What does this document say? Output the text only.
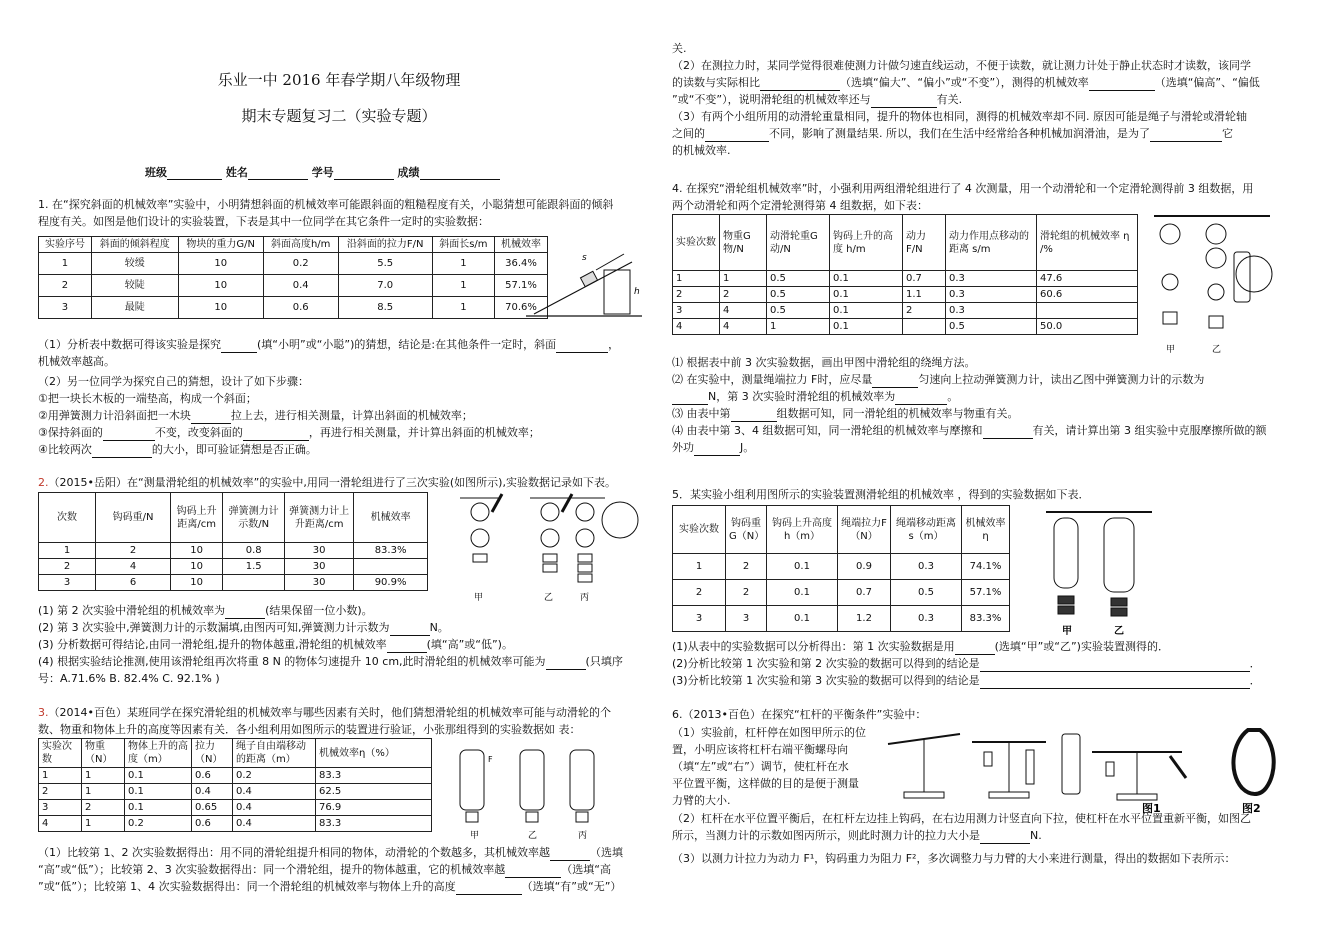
乐业一中 2016 年春学期八年级物理

期末专题复习二（实验专题）

班级	姓名	学号	成绩

1. 在“探究斜面的机械效率”实验中，小明猜想斜面的机械效率可能跟斜面的粗糙程度有关，小聪猜想可能跟斜面的倾斜

程度有关。如图是他们设计的实验装置，下表是其中一位同学在其它条件一定时的实验数据：

实验序号	斜面的倾斜程度	物块的重力G/N	斜面高度h/m	沿斜面的拉力F/N	斜面长s/m	机械效率
1	较缓	10	0.2	5.5	1	36.4%
2	较陡	10	0.4	7.0	1	57.1%
3	最陡	10	0.6	8.5	1	70.6%
s
h

（1）分析表中数据可得该实验是探究	(填“小明”或“小聪”)的猜想，结论是:在其他条件一定时，斜面	，

机械效率越高。

（2）另一位同学为探究自己的猜想，设计了如下步骤：

①把一块长木板的一端垫高，构成一个斜面；

②用弹簧测力计沿斜面把一木块	拉上去，进行相关测量，计算出斜面的机械效率；

③保持斜面的	不变，改变斜面的	，再进行相关测量，并计算出斜面的机械效率；

④比较两次	的大小，即可验证猜想是否正确。

2.（2015•岳阳）在“测量滑轮组的机械效率”的实验中,用同一滑轮组进行了三次实验(如图所示),实验数据记录如下表。

次数	钩码重/N	钩码上升距离/cm	弹簧测力计示数/N	弹簧测力计上升距离/cm	机械效率
1	2	10	0.8	30	83.3%
2	4	10	1.5	30	
3	6	10		30	90.9%
甲	乙	丙

(1) 第 2 次实验中滑轮组的机械效率为	(结果保留一位小数)。

(2) 第 3 次实验中,弹簧测力计的示数漏填,由图丙可知,弹簧测力计示数为	N。

(3) 分析数据可得结论,由同一滑轮组,提升的物体越重,滑轮组的机械效率	(填“高”或“低”)。

(4) 根据实验结论推测,使用该滑轮组再次将重 8 N 的物体匀速提升 10 cm,此时滑轮组的机械效率可能为	(只填序

号：A.71.6% B. 82.4% C. 92.1% )

3.（2014•百色）某班同学在探究滑轮组的机械效率与哪些因素有关时，他们猜想滑轮组的机械效率可能与动滑轮的个

数、物重和物体上升的高度等因素有关．各小组利用如图所示的装置进行验证，小张那组得到的实验数据如 表：

实验次数	物重（N）	物体上升的高度（m）	拉力（N）	绳子自由端移动的距离（m）	机械效率η（%）
1	1	0.1	0.6	0.2	83.3
2	1	0.1	0.4	0.4	62.5
3	2	0.1	0.65	0.4	76.9
4	1	0.2	0.6	0.4	83.3
F
甲	乙	丙

（1）比较第 1、2 次实验数据得出：用不同的滑轮组提升相同的物体，动滑轮的个数越多，其机械效率越	（选填

“高”或“低”）；比较第 2、3 次实验数据得出：同一个滑轮组，提升的物体越重，它的机械效率越	（选填“高

”或“低”）；比较第 1、4 次实验数据得出：同一个滑轮组的机械效率与物体上升的高度	（选填“有”或“无”）

关.

（2）在测拉力时，某同学觉得很难使测力计做匀速直线运动，不便于读数，就让测力计处于静止状态时才读数，该同学

的读数与实际相比	（选填“偏大”、“偏小”或“不变”），测得的机械效率	（选填“偏高”、“偏低

”或“不变”），说明滑轮组的机械效率还与	有关.

（3）有两个小组所用的动滑轮重量相同，提升的物体也相同，测得的机械效率却不同. 原因可能是绳子与滑轮或滑轮轴

之间的	不同，影响了测量结果. 所以，我们在生活中经常给各种机械加润滑油，是为了	它

的机械效率.

4. 在探究“滑轮组机械效率”时，小强利用两组滑轮组进行了 4 次测量，用一个动滑轮和一个定滑轮测得前 3 组数据，用

两个动滑轮和两个定滑轮测得第 4 组数据，如下表：

实验次数	物重G物/N	动滑轮重G动/N	钩码上升的高度 h/m	动力F/N	动力作用点移动的距离 s/m	滑轮组的机械效率 η /%
1	1	0.5	0.1	0.7	0.3	47.6
2	2	0.5	0.1	1.1	0.3	60.6
3	4	0.5	0.1	2	0.3	
4	4	1	0.1		0.5	50.0
甲	乙

⑴ 根据表中前 3 次实验数据，画出甲图中滑轮组的绕绳方法。

⑵ 在实验中，测量绳端拉力 F时，应尽量	匀速向上拉动弹簧测力计，读出乙图中弹簧测力计的示数为

N，第 3 次实验时滑轮组的机械效率为	。

⑶ 由表中第	组数据可知，同一滑轮组的机械效率与物重有关。

⑷ 由表中第 3、4 组数据可知，同一滑轮组的机械效率与摩擦和	有关，请计算出第 3 组实验中克服摩擦所做的额

外功	J。

5．某实验小组利用图所示的实验装置测滑轮组的机械效率 ，得到的实验数据如下表．

实验次数	钩码重G（N）	钩码上升高度h（m）	绳端拉力F（N）	绳端移动距离s（m）	机械效率η
1	2	0.1	0.9	0.3	74.1%
2	2	0.1	0.7	0.5	57.1%
3	3	0.1	1.2	0.3	83.3%
甲	乙

(1)从表中的实验数据可以分析得出：第 1 次实验数据是用	(选填“甲”或“乙”)实验装置测得的．

(2)分析比较第 1 次实验和第 2 次实验的数据可以得到的结论是	．

(3)分析比较第 1 次实验和第 3 次实验的数据可以得到的结论是	．

6.（2013•百色）在探究“杠杆的平衡条件”实验中：

（1）实验前，杠杆停在如图甲所示的位

置，小明应该将杠杆右端平衡螺母向

（填“左”或“右”）调节，使杠杆在水

平位置平衡，这样做的目的是便于测量

力臂的大小.

图1	图2

（2）杠杆在水平位置平衡后，在杠杆左边挂上钩码，在右边用测力计竖直向下拉，使杠杆在水平位置重新平衡，如图乙

所示，当测力计的示数如图丙所示，则此时测力计的拉力大小是	N.

（3）以测力计拉力为动力 F¹，钩码重力为阻力 F²，多次调整力与力臂的大小来进行测量，得出的数据如下表所示：
